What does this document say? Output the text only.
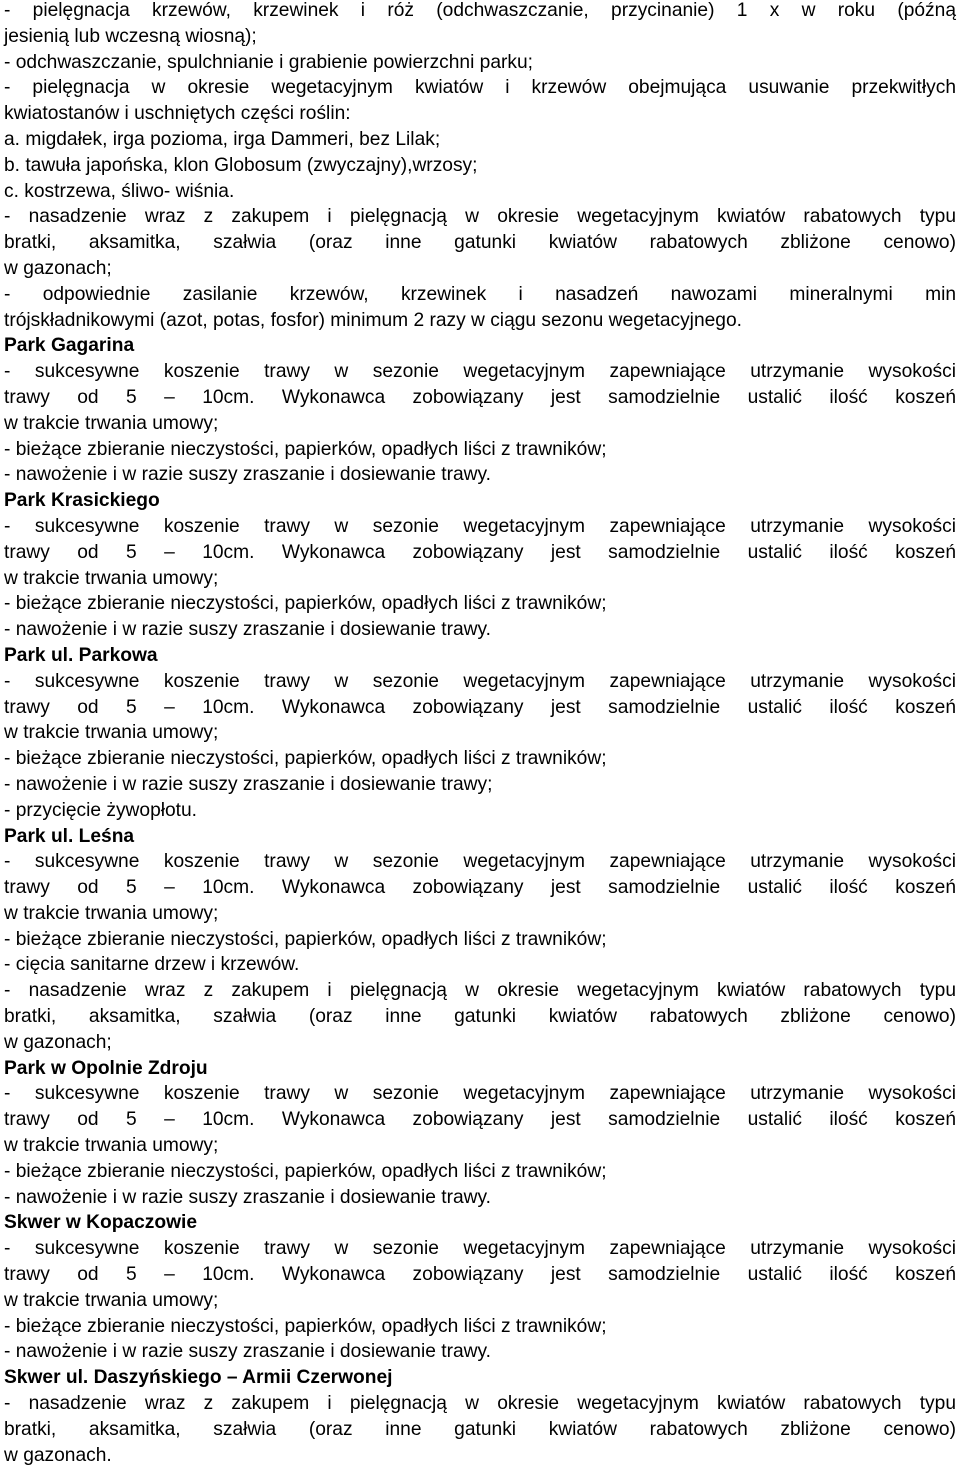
- pielęgnacja krzewów, krzewinek i róż (odchwaszczanie, przycinanie) 1 x w roku (późną

jesienią lub wczesną wiosną);

- odchwaszczanie, spulchnianie i grabienie powierzchni parku;

- pielęgnacja w okresie wegetacyjnym kwiatów i krzewów obejmująca usuwanie przekwitłych

kwiatostanów i uschniętych części roślin:

a. migdałek, irga pozioma, irga Dammeri, bez Lilak;

b. tawuła japońska, klon Globosum (zwyczajny),wrzosy;

c. kostrzewa, śliwo- wiśnia.

- nasadzenie wraz z zakupem i pielęgnacją w okresie wegetacyjnym kwiatów rabatowych typu

bratki, aksamitka, szałwia (oraz inne gatunki kwiatów rabatowych zbliżone cenowo)

w gazonach;

- odpowiednie zasilanie krzewów, krzewinek i nasadzeń nawozami mineralnymi min

trójskładnikowymi (azot, potas, fosfor) minimum 2 razy w ciągu sezonu wegetacyjnego.

Park Gagarina

- sukcesywne koszenie trawy w sezonie wegetacyjnym zapewniające utrzymanie wysokości

trawy od 5 – 10cm. Wykonawca zobowiązany jest samodzielnie ustalić ilość koszeń

w trakcie trwania umowy;

- bieżące zbieranie nieczystości, papierków, opadłych liści z trawników;

- nawożenie i w razie suszy zraszanie i dosiewanie trawy.

Park Krasickiego

- sukcesywne koszenie trawy w sezonie wegetacyjnym zapewniające utrzymanie wysokości

trawy od 5 – 10cm. Wykonawca zobowiązany jest samodzielnie ustalić ilość koszeń

w trakcie trwania umowy;

- bieżące zbieranie nieczystości, papierków, opadłych liści z trawników;

- nawożenie i w razie suszy zraszanie i dosiewanie trawy.

Park ul. Parkowa

- sukcesywne koszenie trawy w sezonie wegetacyjnym zapewniające utrzymanie wysokości

trawy od 5 – 10cm. Wykonawca zobowiązany jest samodzielnie ustalić ilość koszeń

w trakcie trwania umowy;

- bieżące zbieranie nieczystości, papierków, opadłych liści z trawników;

- nawożenie i w razie suszy zraszanie i dosiewanie trawy;

- przycięcie żywopłotu.

Park ul. Leśna

- sukcesywne koszenie trawy w sezonie wegetacyjnym zapewniające utrzymanie wysokości

trawy od 5 – 10cm. Wykonawca zobowiązany jest samodzielnie ustalić ilość koszeń

w trakcie trwania umowy;

- bieżące zbieranie nieczystości, papierków, opadłych liści z trawników;

- cięcia sanitarne drzew i krzewów.

- nasadzenie wraz z zakupem i pielęgnacją w okresie wegetacyjnym kwiatów rabatowych typu

bratki, aksamitka, szałwia (oraz inne gatunki kwiatów rabatowych zbliżone cenowo)

w gazonach;

Park w Opolnie Zdroju

- sukcesywne koszenie trawy w sezonie wegetacyjnym zapewniające utrzymanie wysokości

trawy od 5 – 10cm. Wykonawca zobowiązany jest samodzielnie ustalić ilość koszeń

w trakcie trwania umowy;

- bieżące zbieranie nieczystości, papierków, opadłych liści z trawników;

- nawożenie i w razie suszy zraszanie i dosiewanie trawy.

Skwer w Kopaczowie

- sukcesywne koszenie trawy w sezonie wegetacyjnym zapewniające utrzymanie wysokości

trawy od 5 – 10cm. Wykonawca zobowiązany jest samodzielnie ustalić ilość koszeń

w trakcie trwania umowy;

- bieżące zbieranie nieczystości, papierków, opadłych liści z trawników;

- nawożenie i w razie suszy zraszanie i dosiewanie trawy.

Skwer ul. Daszyńskiego – Armii Czerwonej

- nasadzenie wraz z zakupem i pielęgnacją w okresie wegetacyjnym kwiatów rabatowych typu

bratki, aksamitka, szałwia (oraz inne gatunki kwiatów rabatowych zbliżone cenowo)

w gazonach.
